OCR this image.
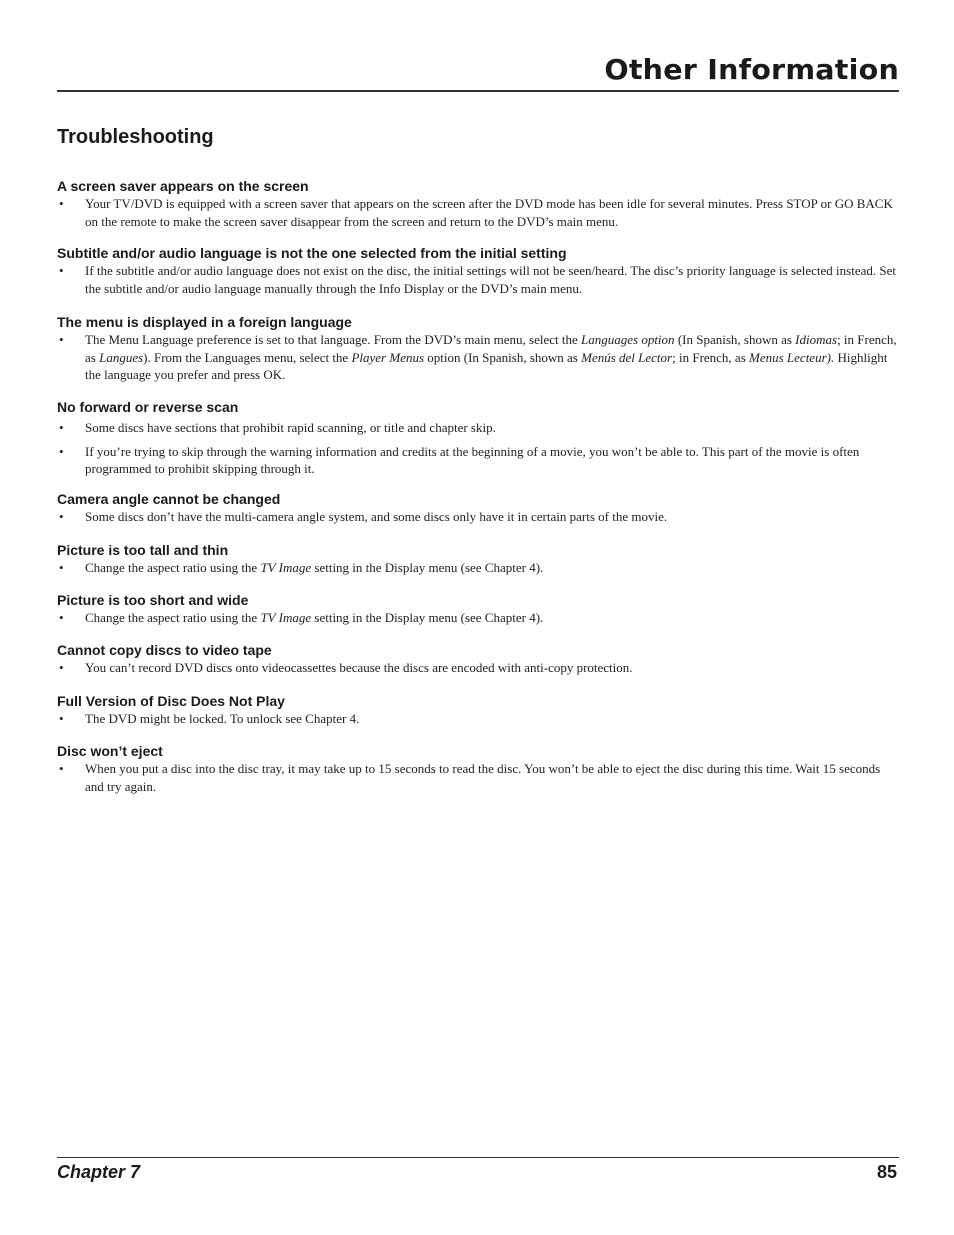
Other Information
Troubleshooting
A screen saver appears on the screen
• Your TV/DVD is equipped with a screen saver that appears on the screen after the DVD mode has been idle for several minutes. Press STOP or GO BACK on the remote to make the screen saver disappear from the screen and return to the DVD’s main menu.
Subtitle and/or audio language is not the one selected from the initial setting
• If the subtitle and/or audio language does not exist on the disc, the initial settings will not be seen/heard. The disc’s priority language is selected instead. Set the subtitle and/or audio language manually through the Info Display or the DVD’s main menu.
The menu is displayed in a foreign language
• The Menu Language preference is set to that language. From the DVD’s main menu, select the Languages option (In Spanish, shown as Idiomas; in French, as Langues). From the Languages menu, select the Player Menus option (In Spanish, shown as Menús del Lector; in French, as Menus Lecteur). Highlight the language you prefer and press OK.
No forward or reverse scan
• Some discs have sections that prohibit rapid scanning, or title and chapter skip.
• If you’re trying to skip through the warning information and credits at the beginning of a movie, you won’t be able to. This part of the movie is often programmed to prohibit skipping through it.
Camera angle cannot be changed
• Some discs don’t have the multi-camera angle system, and some discs only have it in certain parts of the movie.
Picture is too tall and thin
• Change the aspect ratio using the TV Image setting in the Display menu (see Chapter 4).
Picture is too short and wide
• Change the aspect ratio using the TV Image setting in the Display menu (see Chapter 4).
Cannot copy discs to video tape
• You can’t record DVD discs onto videocassettes because the discs are encoded with anti-copy protection.
Full Version of Disc Does Not Play
• The DVD might be locked. To unlock see Chapter 4.
Disc won’t eject
• When you put a disc into the disc tray, it may take up to 15 seconds to read the disc. You won’t be able to eject the disc during this time. Wait 15 seconds and try again.
Chapter 7	85
